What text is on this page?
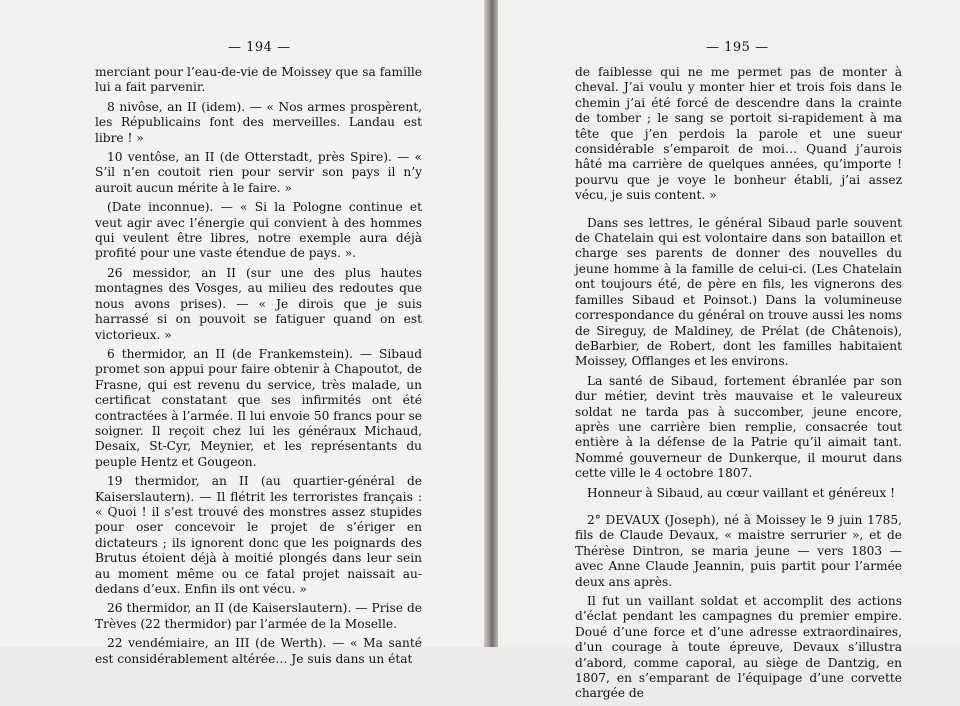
— 194 —

merciant pour l’eau-de-vie de Moissey que sa famille lui a fait parvenir.

8 nivôse, an II (idem). — « Nos armes prospèrent, les Républicains font des merveilles. Landau est libre ! »

10 ventôse, an II (de Otterstadt, près Spire). — « S’il n’en coutoit rien pour servir son pays il n’y auroit aucun mérite à le faire. »

(Date inconnue). — « Si la Pologne continue et veut agir avec l’énergie qui convient à des hommes qui veulent être libres, notre exemple aura déjà profité pour une vaste étendue de pays. ».

26 messidor, an II (sur une des plus hautes montagnes des Vosges, au milieu des redoutes que nous avons prises). — « Je dirois que je suis harrassé si on pouvoit se fatiguer quand on est victorieux. »

6 thermidor, an II (de Frankemstein). — Sibaud promet son appui pour faire obtenir à Chapoutot, de Frasne, qui est revenu du service, très malade, un certificat constatant que ses infirmités ont été contractées à l’armée. Il lui envoie 50 francs pour se soigner. Il reçoit chez lui les généraux Michaud, Desaix, St-Cyr, Meynier, et les représentants du peuple Hentz et Gougeon.

19 thermidor, an II (au quartier-général de Kaiserslautern). — Il flétrit les terroristes français : « Quoi ! il s’est trouvé des monstres assez stupides pour oser concevoir le projet de s’ériger en dictateurs ; ils ignorent donc que les poignards des Brutus étoient déjà à moitié plongés dans leur sein au moment même ou ce fatal projet naissait au-dedans d’eux. Enfin ils ont vécu. »

26 thermidor, an II (de Kaiserslautern). — Prise de Trèves (22 thermidor) par l’armée de la Moselle.

22 vendémiaire, an III (de Werth). — « Ma santé est considérablement altérée… Je suis dans un état

— 195 —

de faiblesse qui ne me permet pas de monter à cheval. J’ai voulu y monter hier et trois fois dans le chemin j’ai été forcé de descendre dans la crainte de tomber ; le sang se portoit si-rapidement à ma tête que j’en perdois la parole et une sueur considérable s’emparoit de moi… Quand j’aurois hâté ma carrière de quelques années, qu’importe ! pourvu que je voye le bonheur établi, j’ai assez vécu, je suis content. »

Dans ses lettres, le général Sibaud parle souvent de Chatelain qui est volontaire dans son bataillon et charge ses parents de donner des nouvelles du jeune homme à la famille de celui-ci. (Les Chatelain ont toujours été, de père en fils, les vignerons des familles Sibaud et Poinsot.) Dans la volumineuse correspondance du général on trouve aussi les noms de Sireguy, de Maldiney, de Prélat (de Châtenois), deBarbier, de Robert, dont les familles habitaient Moissey, Offlanges et les environs.

La santé de Sibaud, fortement ébranlée par son dur métier, devint très mauvaise et le valeureux soldat ne tarda pas à succomber, jeune encore, après une carrière bien remplie, consacrée tout entière à la défense de la Patrie qu’il aimait tant. Nommé gouverneur de Dunkerque, il mourut dans cette ville le 4 octobre 1807.

Honneur à Sibaud, au cœur vaillant et généreux !

2° DEVAUX (Joseph), né à Moissey le 9 juin 1785, fils de Claude Devaux, « maistre serrurier », et de Thérèse Dintron, se maria jeune — vers 1803 — avec Anne Claude Jeannin, puis partit pour l’armée deux ans après.

Il fut un vaillant soldat et accomplit des actions d’éclat pendant les campagnes du premier empire. Doué d’une force et d’une adresse extraordinaires, d’un courage à toute épreuve, Devaux s’illustra d’abord, comme caporal, au siège de Dantzig, en 1807, en s’emparant de l’équipage d’une corvette chargée de
